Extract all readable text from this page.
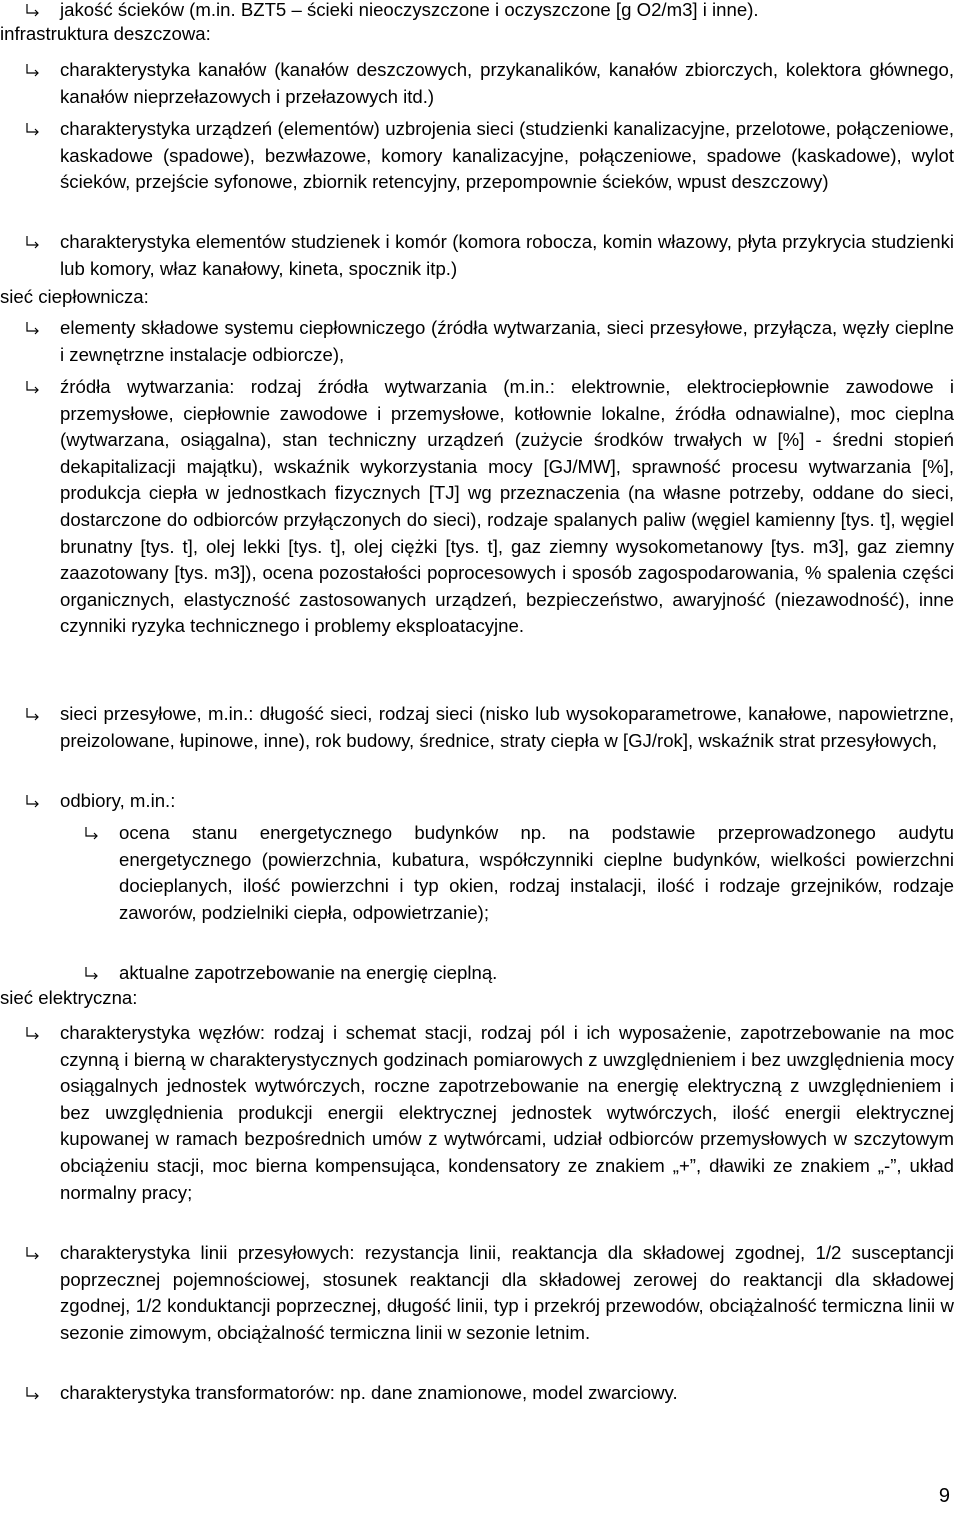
jakość ścieków (m.in. BZT5 – ścieki nieoczyszczone i oczyszczone [g O2/m3] i inne).
infrastruktura deszczowa:
charakterystyka kanałów (kanałów deszczowych, przykanalików, kanałów zbiorczych, kolektora głównego, kanałów nieprzełazowych i przełazowych itd.)
charakterystyka urządzeń (elementów) uzbrojenia sieci (studzienki kanalizacyjne, przelotowe, połączeniowe, kaskadowe (spadowe), bezwłazowe, komory kanalizacyjne, połączeniowe, spadowe (kaskadowe), wylot ścieków, przejście syfonowe, zbiornik retencyjny, przepompownie ścieków, wpust deszczowy)
charakterystyka elementów studzienek i komór (komora robocza, komin włazowy, płyta przykrycia studzienki lub komory, właz kanałowy, kineta, spocznik itp.)
sieć ciepłownicza:
elementy składowe systemu ciepłowniczego (źródła wytwarzania, sieci przesyłowe, przyłącza, węzły cieplne i zewnętrzne instalacje odbiorcze),
źródła wytwarzania: rodzaj źródła wytwarzania (m.in.: elektrownie, elektrociepłownie zawodowe i przemysłowe, ciepłownie zawodowe i przemysłowe, kotłownie lokalne, źródła odnawialne), moc cieplna (wytwarzana, osiągalna), stan techniczny urządzeń (zużycie środków trwałych w [%] - średni stopień dekapitalizacji majątku), wskaźnik wykorzystania mocy [GJ/MW], sprawność procesu wytwarzania [%], produkcja ciepła w jednostkach fizycznych [TJ] wg przeznaczenia (na własne potrzeby, oddane do sieci, dostarczone do odbiorców przyłączonych do sieci), rodzaje spalanych paliw (węgiel kamienny [tys. t], węgiel brunatny [tys. t], olej lekki [tys. t], olej ciężki [tys. t], gaz ziemny wysokometanowy [tys. m3], gaz ziemny zaazotowany [tys. m3]), ocena pozostałości poprocesowych i sposób zagospodarowania, % spalenia części organicznych, elastyczność zastosowanych urządzeń, bezpieczeństwo, awaryjność (niezawodność), inne czynniki ryzyka technicznego i problemy eksploatacyjne.
sieci przesyłowe, m.in.: długość sieci, rodzaj sieci (nisko lub wysokoparametrowe, kanałowe, napowietrzne, preizolowane, łupinowe, inne), rok budowy, średnice, straty ciepła w [GJ/rok], wskaźnik strat przesyłowych,
odbiory, m.in.:
ocena stanu energetycznego budynków np. na podstawie przeprowadzonego audytu energetycznego (powierzchnia, kubatura, współczynniki cieplne budynków, wielkości powierzchni docieplanych, ilość powierzchni i typ okien, rodzaj instalacji, ilość i rodzaje grzejników, rodzaje zaworów, podzielniki ciepła, odpowietrzanie);
aktualne zapotrzebowanie na energię cieplną.
sieć elektryczna:
charakterystyka węzłów: rodzaj i schemat stacji, rodzaj pól i ich wyposażenie, zapotrzebowanie na moc czynną i bierną w charakterystycznych godzinach pomiarowych z uwzględnieniem i bez uwzględnienia mocy osiągalnych jednostek wytwórczych, roczne zapotrzebowanie na energię elektryczną z uwzględnieniem i bez uwzględnienia produkcji energii elektrycznej jednostek wytwórczych, ilość energii elektrycznej kupowanej w ramach bezpośrednich umów z wytwórcami, udział odbiorców przemysłowych w szczytowym obciążeniu stacji, moc bierna kompensująca, kondensatory ze znakiem „+”, dławiki ze znakiem „-”, układ normalny pracy;
charakterystyka linii przesyłowych: rezystancja linii, reaktancja dla składowej zgodnej, 1/2 susceptancji poprzecznej pojemnościowej, stosunek reaktancji dla składowej zerowej do reaktancji dla składowej zgodnej, 1/2 konduktancji poprzecznej, długość linii, typ i przekrój przewodów, obciążalność termiczna linii w sezonie zimowym, obciążalność termiczna linii w sezonie letnim.
charakterystyka transformatorów: np. dane znamionowe, model zwarciowy.
9
